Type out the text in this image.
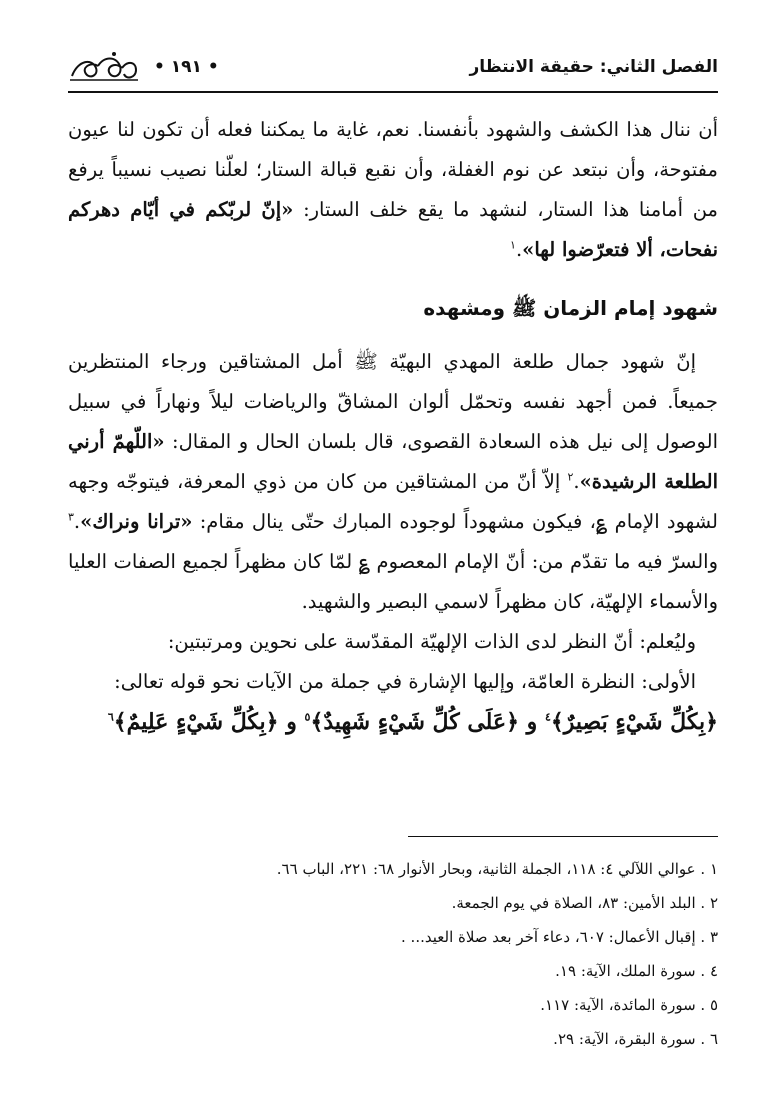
الفصل الثاني: حقيقة الانتظار
• ١٩١ •

أن ننال هذا الكشف والشهود بأنفسنا. نعم، غاية ما يمكننا فعله أن تكون لنا عيون مفتوحة، وأن نبتعد عن نوم الغفلة، وأن نقبع قبالة الستار؛ لعلّنا نصيب نسيباً يرفع من أمامنا هذا الستار، لنشهد ما يقع خلف الستار: «إنّ لربّكم في أيّام دهركم نفحات، ألا فتعرّضوا لها».$^١$

شهود إمام الزمان ﷺ ومشهده

إنّ شهود جمال طلعة المهدي البهيّة ﷺ أمل المشتاقين ورجاء المنتظرين جميعاً. فمن أجهد نفسه وتحمّل ألوان المشاقّ والرياضات ليلاً ونهاراً في سبيل الوصول إلى نيل هذه السعادة القصوى، قال بلسان الحال و المقال: «اللّهمّ أرني الطلعة الرشيدة».$^٢$ إلاّ أنّ من المشتاقين من كان من ذوي المعرفة، فيتوجّه وجهه لشهود الإمام ؏، فيكون مشهوداً لوجوده المبارك حتّى ينال مقام: «ترانا ونراك».$^٣$ والسرّ فيه ما تقدّم من: أنّ الإمام المعصوم ؏ لمّا كان مظهراً لجميع الصفات العليا والأسماء الإلهيّة، كان مظهراً لاسمي البصير والشهيد.

وليُعلم: أنّ النظر لدى الذات الإلهيّة المقدّسة على نحوين ومرتبتين:

الأولى: النظرة العامّة، وإليها الإشارة في جملة من الآيات نحو قوله تعالى:

﴿بِكُلِّ شَيْءٍ بَصِيرٌ﴾$^٤$ و ﴿عَلَى كُلِّ شَيْءٍ شَهِيدٌ﴾$^٥$ و ﴿بِكُلِّ شَيْءٍ عَلِيمٌ﴾$^٦$

١ . عوالي اللآلي ٤: ١١٨، الجملة الثانية، وبحار الأنوار ٦٨: ٢٢١، الباب ٦٦.
٢ . البلد الأمين: ٨٣، الصلاة في يوم الجمعة.
٣ . إقبال الأعمال: ٦٠٧، دعاء آخر بعد صلاة العيد... .
٤ . سورة الملك، الآية: ١٩.
٥ . سورة المائدة، الآية: ١١٧.
٦ . سورة البقرة، الآية: ٢٩.
